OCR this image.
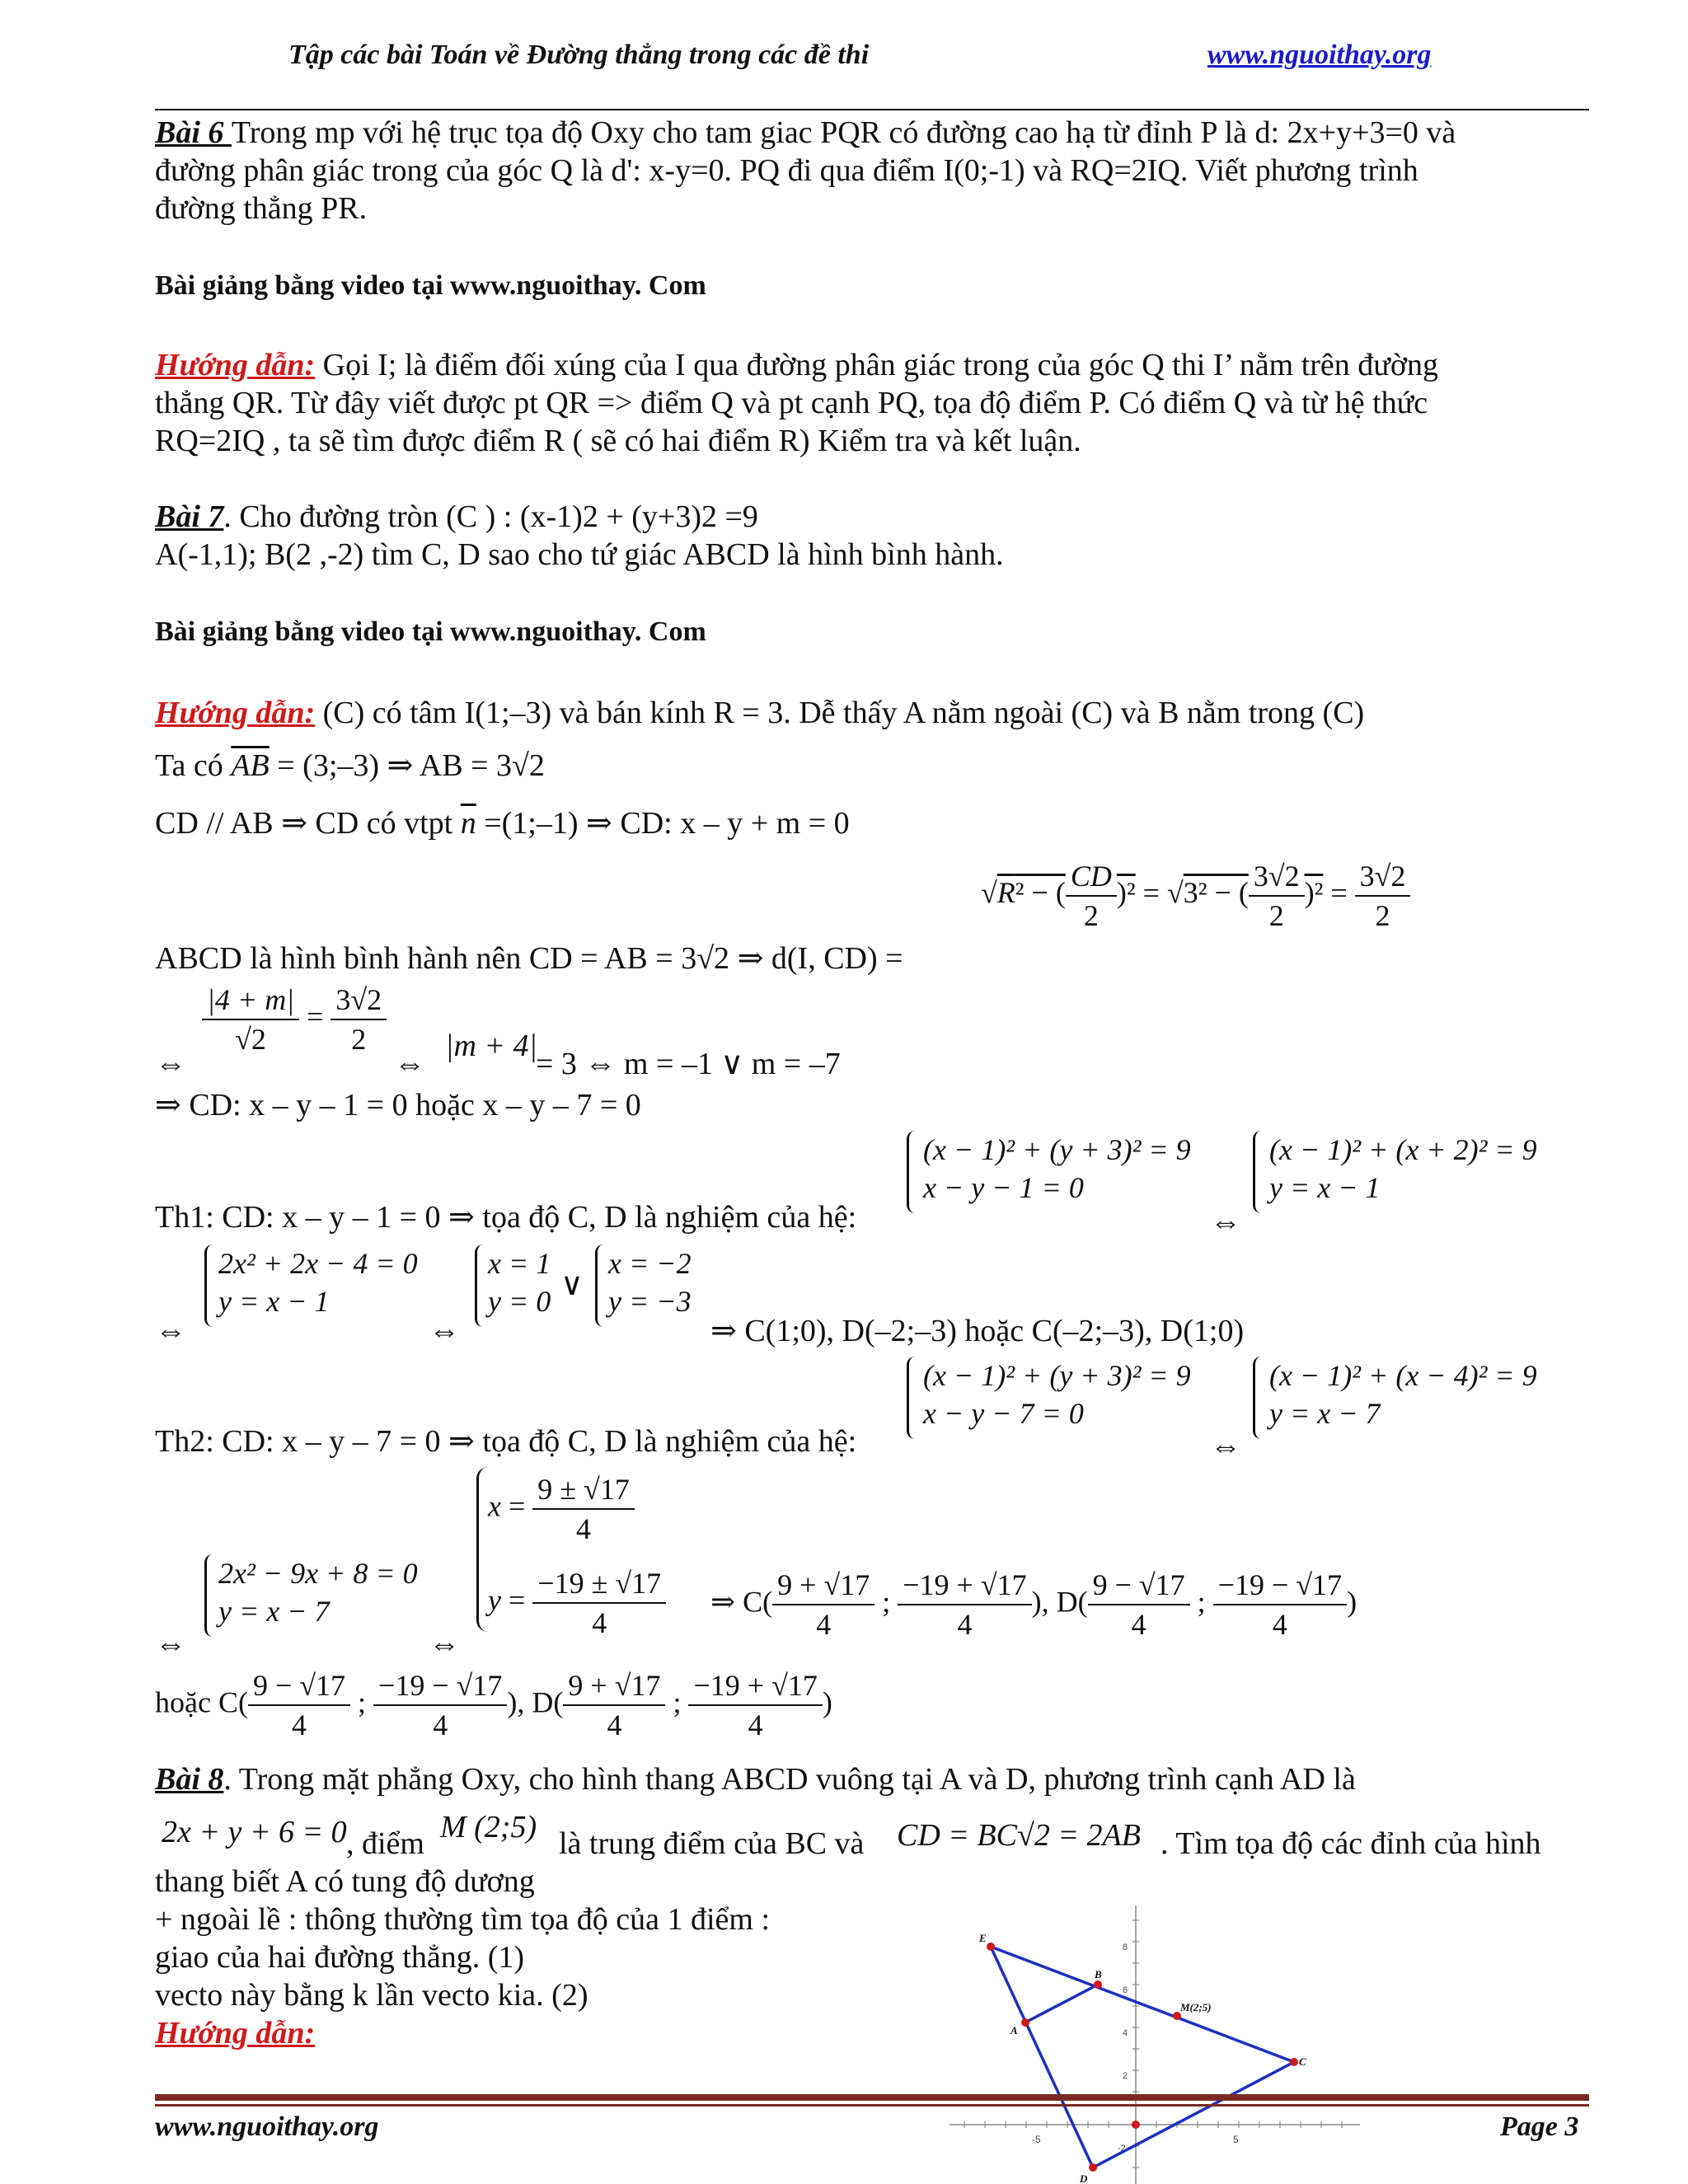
Tập các bài Toán về Đường thẳng trong các đề thi	www.nguoithay.org
Bài 6 Trong mp với hệ trục tọa độ Oxy cho tam giac PQR có đường cao hạ từ đỉnh P là d: 2x+y+3=0 và
đường phân giác trong của góc Q là d': x-y=0. PQ đi qua điểm I(0;-1) và RQ=2IQ. Viết phương trình
đường thẳng PR.
Bài giảng bằng video tại www.nguoithay. Com
Hướng dẫn: Gọi I; là điểm đối xúng của I qua đường phân giác trong của góc Q thi I’ nằm trên đường
thẳng QR. Từ đây viết được pt QR => điểm Q và pt cạnh PQ, tọa độ điểm P. Có điểm Q và từ hệ thức
RQ=2IQ , ta sẽ tìm được điểm R ( sẽ có hai điểm R) Kiểm tra và kết luận.
Bài 7. Cho đường tròn (C ) : (x-1)2 + (y+3)2 =9
A(-1,1); B(2 ,-2) tìm C, D sao cho tứ giác ABCD là hình bình hành.
Bài giảng bằng video tại www.nguoithay. Com
Hướng dẫn: (C) có tâm I(1;–3) và bán kính R = 3. Dễ thấy A nằm ngoài (C) và B nằm trong (C)
Ta có $\overline{AB}$ = (3;–3) ⇒ AB = 3√2
CD // AB ⇒ CD có vtpt $\overline{n}$ =(1;–1) ⇒ CD: x – y + m = 0
√R² − ( $\frac{CD}{2} )^2 = √3^2$ − ( $\frac{3√2}{2} )^2 = \frac{3√2}{2}$
ABCD là hình bình hành nên CD = AB = 3√2 ⇒ d(I, CD) =
$\frac{|4 + m|}{√2} = \frac{3√2}{2}$
⇔	⇔
|m + 4|
= 3 ⇔ m = –1 ∨ m = –7
⇒ CD: x – y – 1 = 0 hoặc x – y – 7 = 0
(x − 1)² + (y + 3)² = 9
x − y − 1 = 0
(x − 1)² + (x + 2)² = 9
y = x − 1
Th1: CD: x – y – 1 = 0 ⇒ tọa độ C, D là nghiệm của hệ:	⇔
2x² + 2x − 4 = 0
y = x − 1
⇔	⇔
x = 1
y = 0 ∨
x = −2
y = −3
⇒ C(1;0), D(–2;–3) hoặc C(–2;–3), D(1;0)
(x − 1)² + (y + 3)² = 9
x − y − 7 = 0
(x − 1)² + (x − 4)² = 9
y = x − 7
Th2: CD: x – y – 7 = 0 ⇒ tọa độ C, D là nghiệm của hệ:	⇔
$x = \frac{9 \pm √17}{4}$
$y = \frac{-19 \pm √17}{4}$
2x² − 9x + 8 = 0
y = x − 7
⇔	⇔
⇒ $C( \frac{9 + √17}{4}$ ; $\frac{-19 + √17}{4}$ ), $D( \frac{9 - √17}{4}$ ; $\frac{-19 - √17}{4}$ )
hoặc $C( \frac{9 - √17}{4}$ ; $\frac{-19 - √17}{4}$ ), $D( \frac{9 + √17}{4}$ ; $\frac{-19 + √17}{4}$ )
Bài 8. Trong mặt phẳng Oxy, cho hình thang ABCD vuông tại A và D, phương trình cạnh AD là
2x + y + 6 = 0 , điểm M (2;5) là trung điểm của BC và CD = BC√2 = 2AB . Tìm tọa độ các đỉnh của hình
thang biết A có tung độ dương
+ ngoài lề : thông thường tìm tọa độ của 1 điểm :
giao của hai đường thẳng. (1)
vecto này bằng k lần vecto kia. (2)
Hướng dẫn:
-5	5
8
6
4
2
-2
E
B
M(2;5)
A
C
D
www.nguoithay.org	Page 3
